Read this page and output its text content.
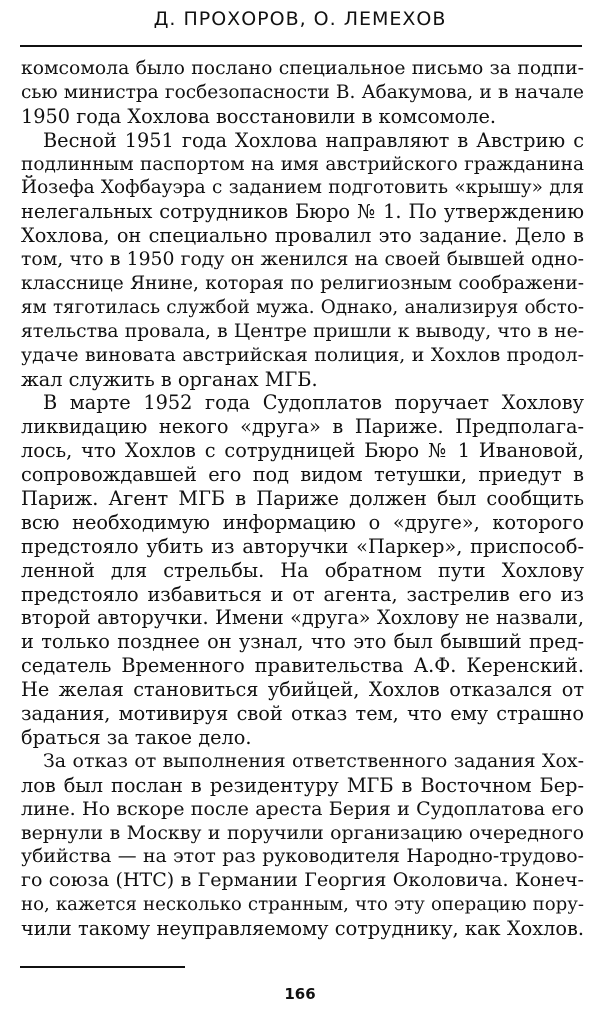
Д. ПРОХОРОВ, О. ЛЕМЕХОВ
комсомола было послано специальное письмо за подпи-
сью министра госбезопасности В. Абакумова, и в начале
1950 года Хохлова восстановили в комсомоле.
Весной 1951 года Хохлова направляют в Австрию с
подлинным паспортом на имя австрийского гражданина
Йозефа Хофбауэра с заданием подготовить «крышу» для
нелегальных сотрудников Бюро № 1. По утверждению
Хохлова, он специально провалил это задание. Дело в
том, что в 1950 году он женился на своей бывшей одно-
класснице Янине, которая по религиозным соображени-
ям тяготилась службой мужа. Однако, анализируя обсто-
ятельства провала, в Центре пришли к выводу, что в не-
удаче виновата австрийская полиция, и Хохлов продол-
жал служить в органах МГБ.
В марте 1952 года Судоплатов поручает Хохлову
ликвидацию некого «друга» в Париже. Предполага-
лось, что Хохлов с сотрудницей Бюро № 1 Ивановой,
сопровождавшей его под видом тетушки, приедут в
Париж. Агент МГБ в Париже должен был сообщить
всю необходимую информацию о «друге», которого
предстояло убить из авторучки «Паркер», приспособ-
ленной для стрельбы. На обратном пути Хохлову
предстояло избавиться и от агента, застрелив его из
второй авторучки. Имени «друга» Хохлову не назвали,
и только позднее он узнал, что это был бывший пред-
седатель Временного правительства А.Ф. Керенский.
Не желая становиться убийцей, Хохлов отказался от
задания, мотивируя свой отказ тем, что ему страшно
браться за такое дело.
За отказ от выполнения ответственного задания Хох-
лов был послан в резидентуру МГБ в Восточном Бер-
лине. Но вскоре после ареста Берия и Судоплатова его
вернули в Москву и поручили организацию очередного
убийства — на этот раз руководителя Народно-трудово-
го союза (НТС) в Германии Георгия Околовича. Конеч-
но, кажется несколько странным, что эту операцию пору-
чили такому неуправляемому сотруднику, как Хохлов.
166
